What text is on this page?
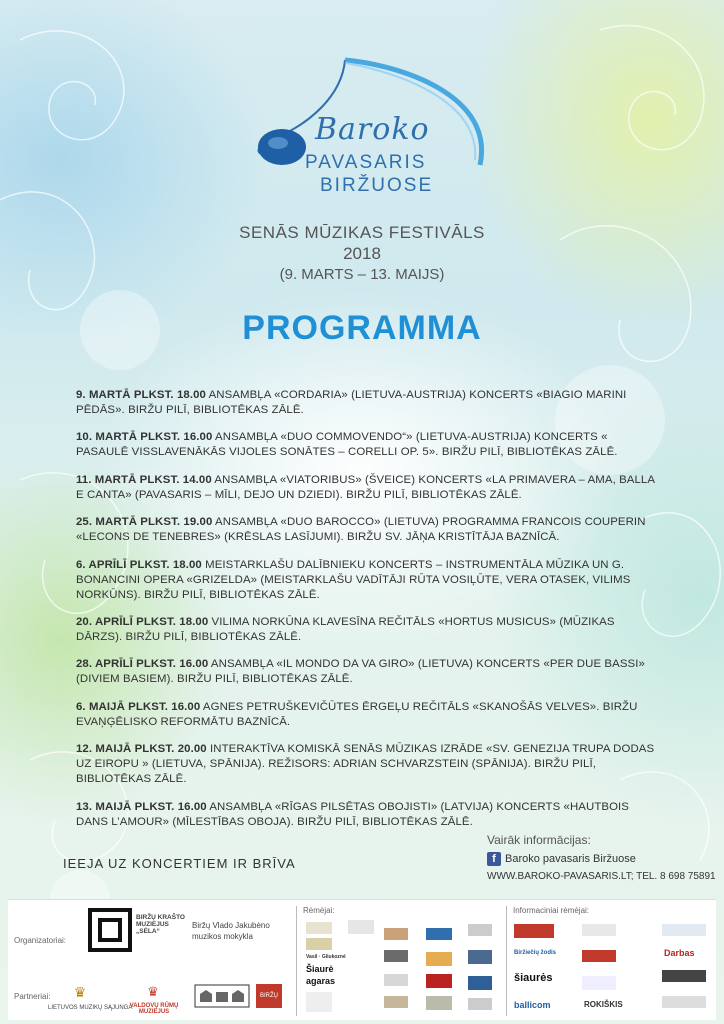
Baroko
PAVASARIS
BIRŽUOSE
SENĀS MŪZIKAS FESTIVĀLS
2018
(9. MARTS – 13. MAIJS)
PROGRAMMA

9. MARTĀ PLKST. 18.00 ANSAMBĻA «CORDARIA» (LIETUVA-AUSTRIJA) KONCERTS «BIAGIO MARINI PĒDĀS». BIRŽU PILĪ, BIBLIOTĒKAS ZĀLĒ.

10. MARTĀ PLKST. 16.00 ANSAMBĻA «DUO COMMOVENDO“» (LIETUVA-AUSTRIJA) KONCERTS « PASAULĒ VISSLAVENĀKĀS VIJOLES SONĀTES – CORELLI OP. 5». BIRŽU PILĪ, BIBLIOTĒKAS ZĀLĒ.

11. MARTĀ PLKST. 14.00 ANSAMBĻA «VIATORIBUS» (ŠVEICE) KONCERTS «LA PRIMAVERA – AMA, BALLA E CANTA» (PAVASARIS – MĪLI, DEJO UN DZIEDI). BIRŽU PILĪ, BIBLIOTĒKAS ZĀLĒ.

25. MARTĀ PLKST. 19.00 ANSAMBĻA «DUO BAROCCO» (LIETUVA) PROGRAMMA FRANCOIS COUPERIN «LECONS DE TENEBRES» (KRĒSLAS LASĪJUMI). BIRŽU SV. JĀŅA KRISTĪTĀJA BAZNĪCĀ.

6. APRĪLĪ PLKST. 18.00 MEISTARKLAŠU DALĪBNIEKU KONCERTS – INSTRUMENTĀLA MŪZIKA UN G. BONANCINI OPERA «GRIZELDA» (MEISTARKLAŠU VADĪTĀJI RŪTA VOSIĻŪTE, VERA OTASEK, VILIMS NORKŪNS). BIRŽU PILĪ, BIBLIOTĒKAS ZĀLĒ.

20. APRĪLĪ PLKST. 18.00 VILIMA NORKŪNA KLAVESĪNA REČITĀLS «HORTUS MUSICUS» (MŪZIKAS DĀRZS). BIRŽU PILĪ, BIBLIOTĒKAS ZĀLĒ.

28. APRĪLĪ PLKST. 16.00 ANSAMBĻA «IL MONDO DA VA GIRO» (LIETUVA) KONCERTS «PER DUE BASSI» (DIVIEM BASIEM). BIRŽU PILĪ, BIBLIOTĒKAS ZĀLĒ.

6. MAIJĀ PLKST. 16.00 AGNES PETRUŠKEVIČŪTES ĒRGEĻU REČITĀLS «SKANOŠĀS VELVES». BIRŽU EVAŅĢĒLISKO REFORMĀTU BAZNĪCĀ.

12. MAIJĀ PLKST. 20.00 INTERAKTĪVA KOMISKĀ SENĀS MŪZIKAS IZRĀDE «SV. GENEZIJA TRUPA DODAS UZ EIROPU » (LIETUVA, SPĀNIJA). REŽISORS: ADRIAN SCHVARZSTEIN (SPĀNIJA). BIRŽU PILĪ, BIBLIOTĒKAS ZĀLĒ.

13. MAIJĀ PLKST. 16.00 ANSAMBĻA «RĪGAS PILSĒTAS OBOJISTI» (LATVIJA) KONCERTS «HAUTBOIS DANS L’AMOUR» (MĪLESTĪBAS OBOJA). BIRŽU PILĪ, BIBLIOTĒKAS ZĀLĒ.

IEEJA UZ KONCERTIEM IR BRĪVA
Vairāk informācijas:
f Baroko pavasaris Biržuose
WWW.BAROKO-PAVASARIS.LT; TEL. 8 698 75891
Organizatoriai:
Partneriai:
BIRŽŲ KRAŠTO MUZIEJUS „SĖLA“
Biržų Vlado Jakubėno muzikos mokykla
♛
LIETUVOS MUZIKŲ SĄJUNGA
♛
VALDOVŲ RŪMŲ MUZIEJUS
BIRŽŲ
Rėmėjai:
Vasil · Gliukoznė
Šiaurė
agaras
Informaciniai rėmėjai:
Biržiečių žodis
šiaurės
ballicom	ROKIŠKIS
Darbas
